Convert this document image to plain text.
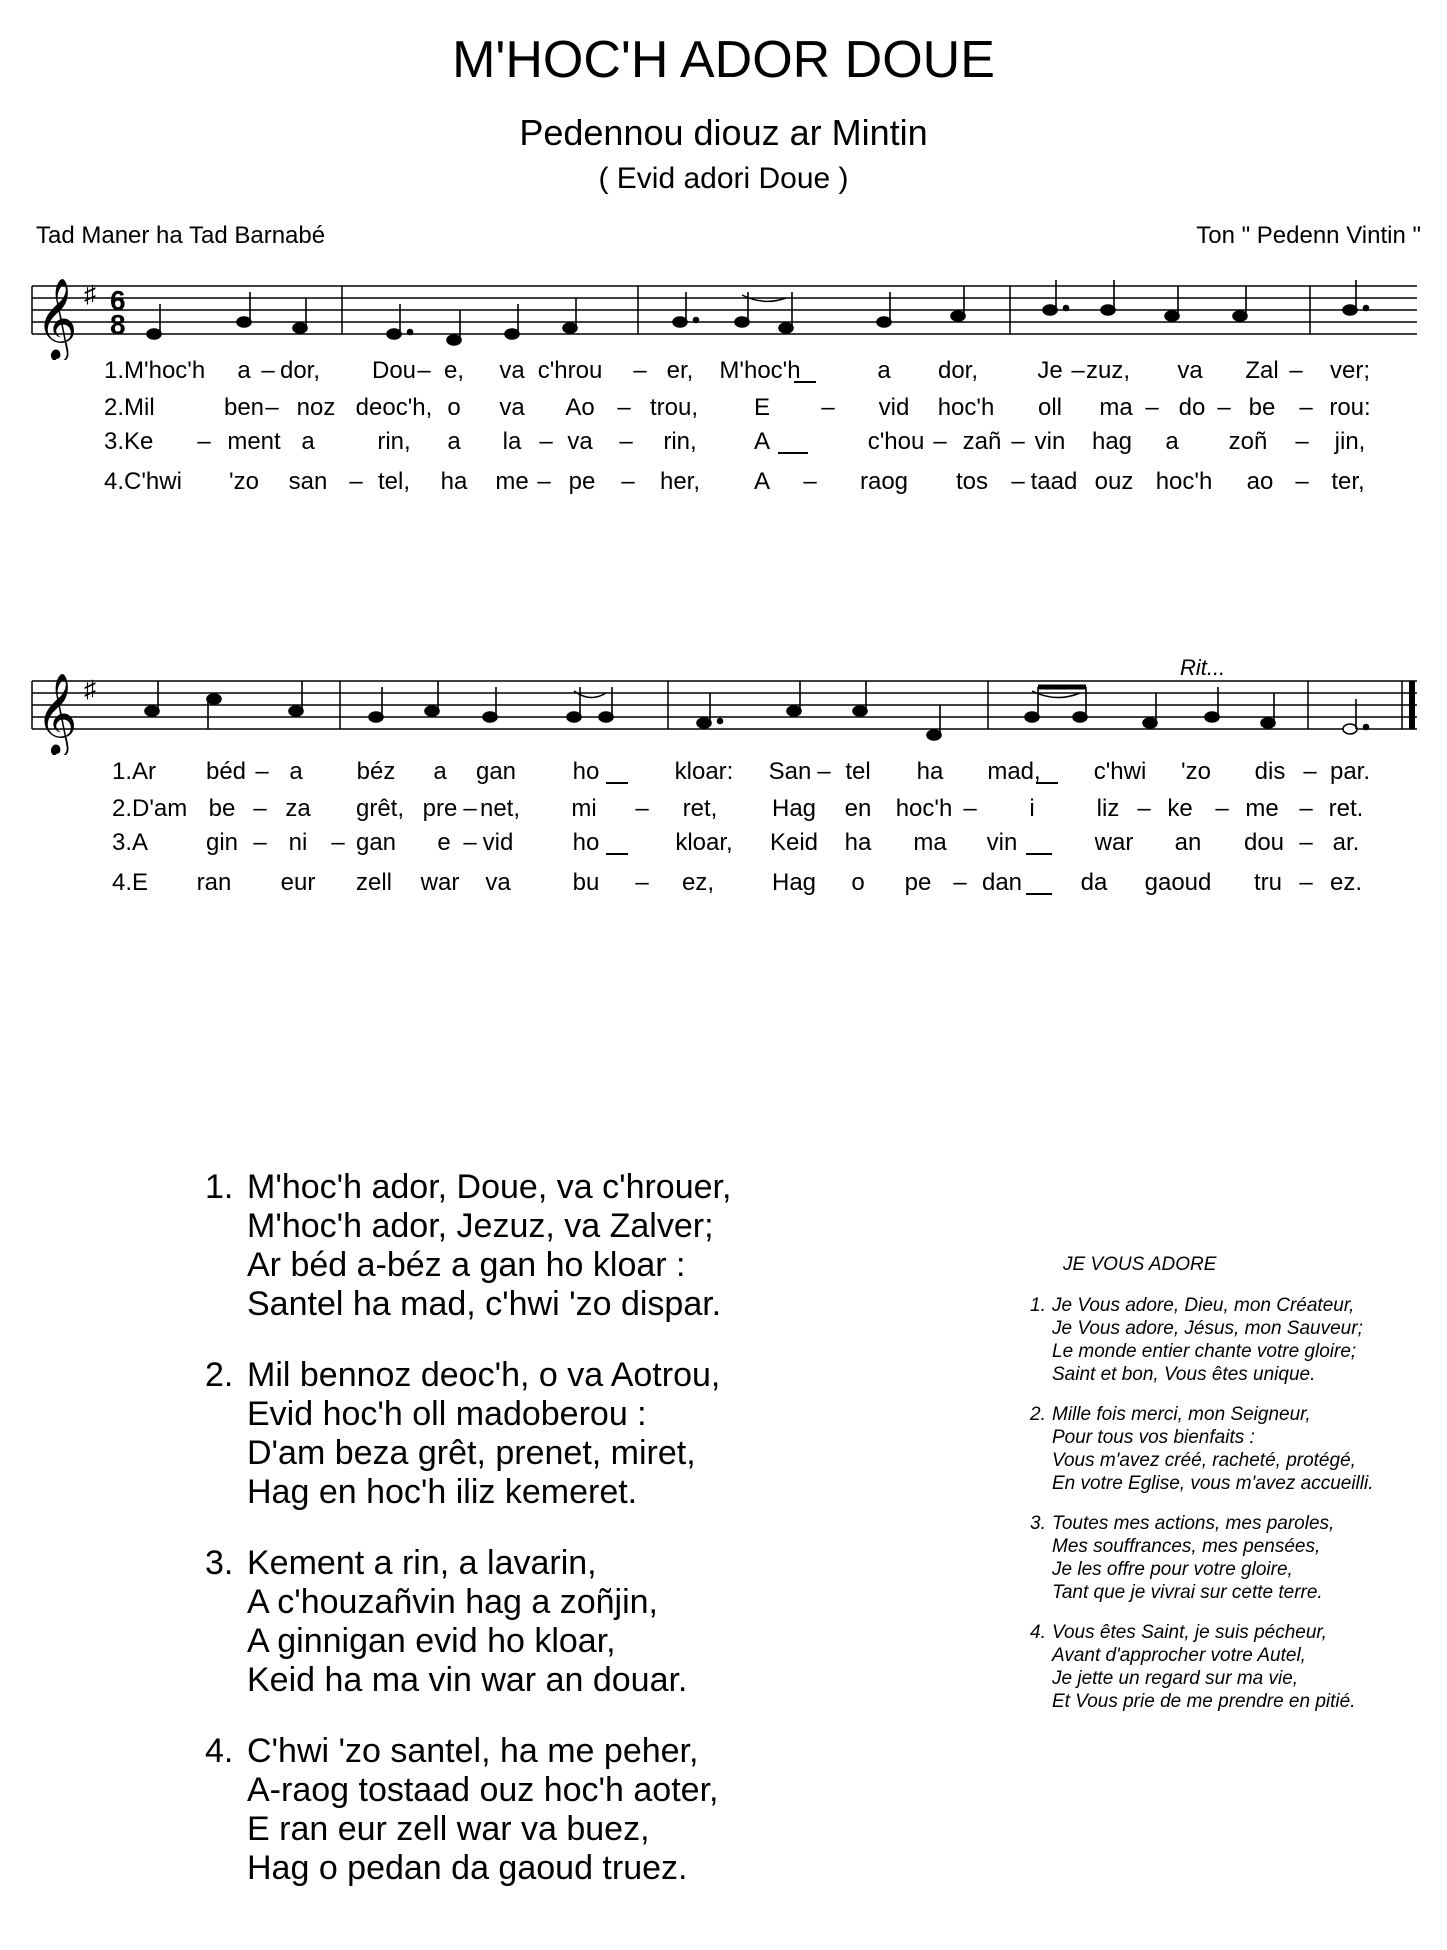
M'HOC'H ADOR DOUE
Pedennou diouz ar Mintin
( Evid adori Doue )
Tad Maner ha Tad Barnabé	Ton " Pedenn Vintin "
Rit...
𝄞 ♯ 6
8
𝄞 ♯
1.M'hoc'h a dor, Dou e, va c'hrou	er, M'hoc'h	a dor, Je zuz, va Zal ver;
2.Mil	ben noz deoc'h, o va Ao trou, E	vid hoc'h oll ma do be rou:
3.Ke	ment a	rin, a la va	rin, A	c'hou zañ vin hag a zoñ	jin,
4.C'hwi 'zo san tel, ha me pe	her, A	raog tos taad ouz hoc'h ao ter,
–	–	–	–	–
–	–	–	– –	–
–	–	–	–	–	–
–	–	–	–	–	–
1.Ar béd a béz a gan ho	kloar: San tel ha mad, c'hwi 'zo dis par.
2.D'am be za grêt, pre net, mi	ret, Hag en hoc'h	i	liz ke me ret.
3.A gin ni gan e vid ho	kloar, Keid ha ma vin	war an dou ar.
4.E ran eur zell war va	bu	ez, Hag o pe dan da gaoud tru ez.
–	–	–
–	–	–	–	–	–	–
–	–	–	–
–	–	–
1. M'hoc'h ador, Doue, va c'hrouer,
M'hoc'h ador, Jezuz, va Zalver;
Ar béd a-béz a gan ho kloar :
Santel ha mad, c'hwi 'zo dispar.
2. Mil bennoz deoc'h, o va Aotrou,
Evid hoc'h oll madoberou :
D'am beza grêt, prenet, miret,
Hag en hoc'h iliz kemeret.
3. Kement a rin, a lavarin,
A c'houzañvin hag a zoñjin,
A ginnigan evid ho kloar,
Keid ha ma vin war an douar.
4. C'hwi 'zo santel, ha me peher,
A-raog tostaad ouz hoc'h aoter,
E ran eur zell war va buez,
Hag o pedan da gaoud truez.
JE VOUS ADORE
1. Je Vous adore, Dieu, mon Créateur,
Je Vous adore, Jésus, mon Sauveur;
Le monde entier chante votre gloire;
Saint et bon, Vous êtes unique.
2. Mille fois merci, mon Seigneur,
Pour tous vos bienfaits :
Vous m'avez créé, racheté, protégé,
En votre Eglise, vous m'avez accueilli.
3. Toutes mes actions, mes paroles,
Mes souffrances, mes pensées,
Je les offre pour votre gloire,
Tant que je vivrai sur cette terre.
4. Vous êtes Saint, je suis pécheur,
Avant d'approcher votre Autel,
Je jette un regard sur ma vie,
Et Vous prie de me prendre en pitié.
